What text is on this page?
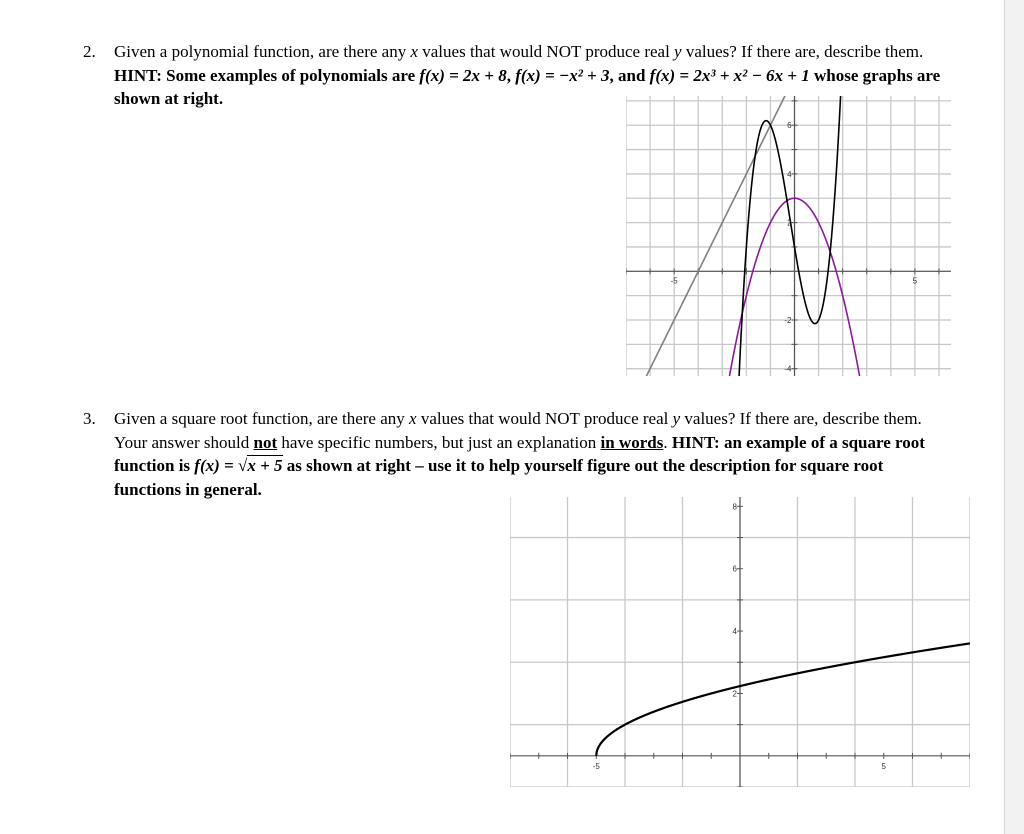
2. Given a polynomial function, are there any x values that would NOT produce real y values? If there are, describe them. HINT: Some examples of polynomials are f(x) = 2x + 8, f(x) = −x² + 3, and f(x) = 2x³ + x² − 6x + 1 whose graphs are shown at right.
-5	5
6
4
2
-2
-4
3. Given a square root function, are there any x values that would NOT produce real y values? If there are, describe them. Your answer should not have specific numbers, but just an explanation in words. HINT: an example of a square root function is f(x) = √x + 5 as shown at right – use it to help yourself figure out the description for square root functions in general.
-5	5
8
6
4
2
